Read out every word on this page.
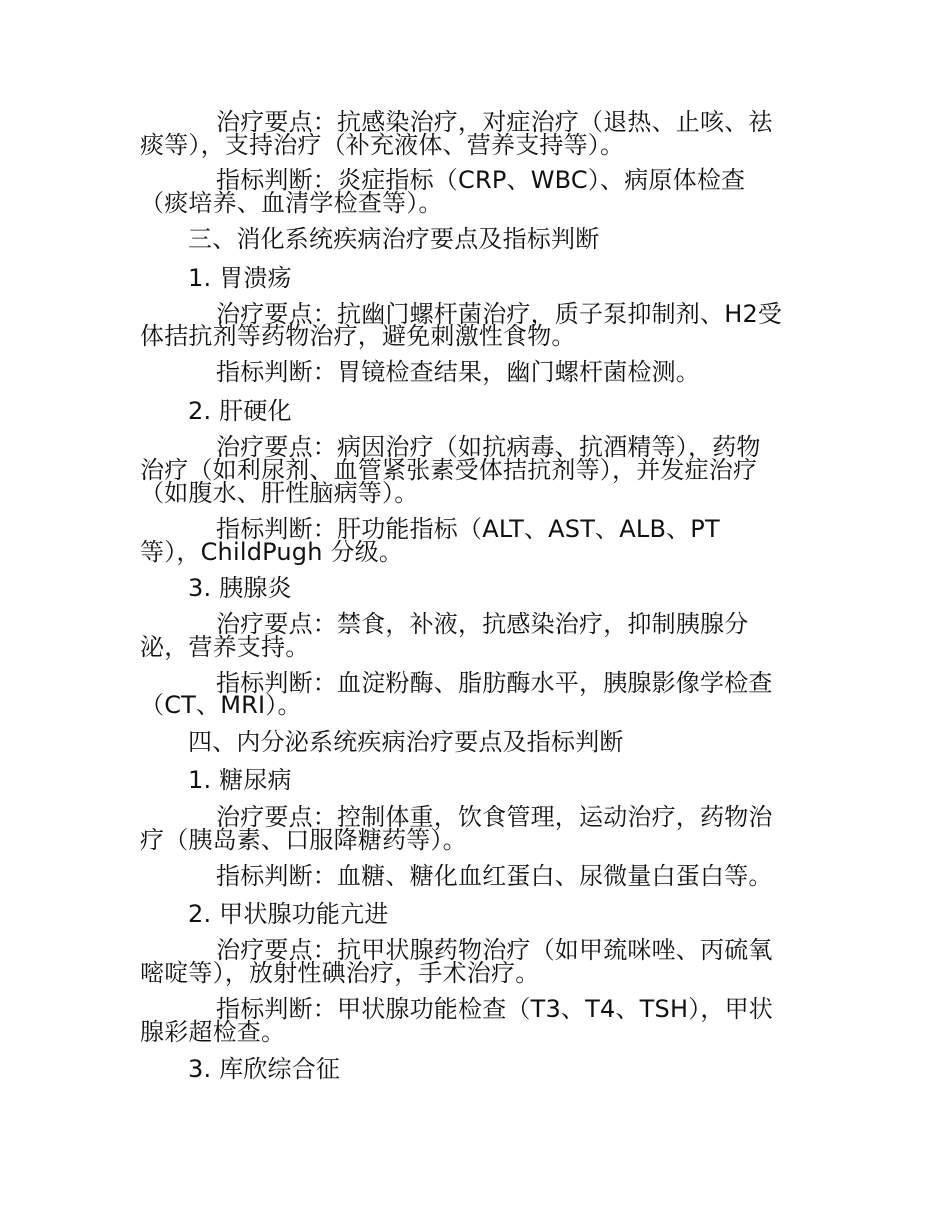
治疗要点：抗感染治疗，对症治疗（退热、止咳、祛
痰等），支持治疗（补充液体、营养支持等）。
指标判断：炎症指标（CRP、WBC）、病原体检查
（痰培养、血清学检查等）。
三、消化系统疾病治疗要点及指标判断
1. 胃溃疡
治疗要点：抗幽门螺杆菌治疗，质子泵抑制剂、H2受
体拮抗剂等药物治疗，避免刺激性食物。
指标判断：胃镜检查结果，幽门螺杆菌检测。
2. 肝硬化
治疗要点：病因治疗（如抗病毒、抗酒精等），药物
治疗（如利尿剂、血管紧张素受体拮抗剂等），并发症治疗
（如腹水、肝性脑病等）。
指标判断：肝功能指标（ALT、AST、ALB、PT
等），ChildPugh 分级。
3. 胰腺炎
治疗要点：禁食，补液，抗感染治疗，抑制胰腺分
泌，营养支持。
指标判断：血淀粉酶、脂肪酶水平，胰腺影像学检查
（CT、MRI）。
四、内分泌系统疾病治疗要点及指标判断
1. 糖尿病
治疗要点：控制体重，饮食管理，运动治疗，药物治
疗（胰岛素、口服降糖药等）。
指标判断：血糖、糖化血红蛋白、尿微量白蛋白等。
2. 甲状腺功能亢进
治疗要点：抗甲状腺药物治疗（如甲巯咪唑、丙硫氧
嘧啶等），放射性碘治疗，手术治疗。
指标判断：甲状腺功能检查（T3、T4、TSH），甲状
腺彩超检查。
3. 库欣综合征
